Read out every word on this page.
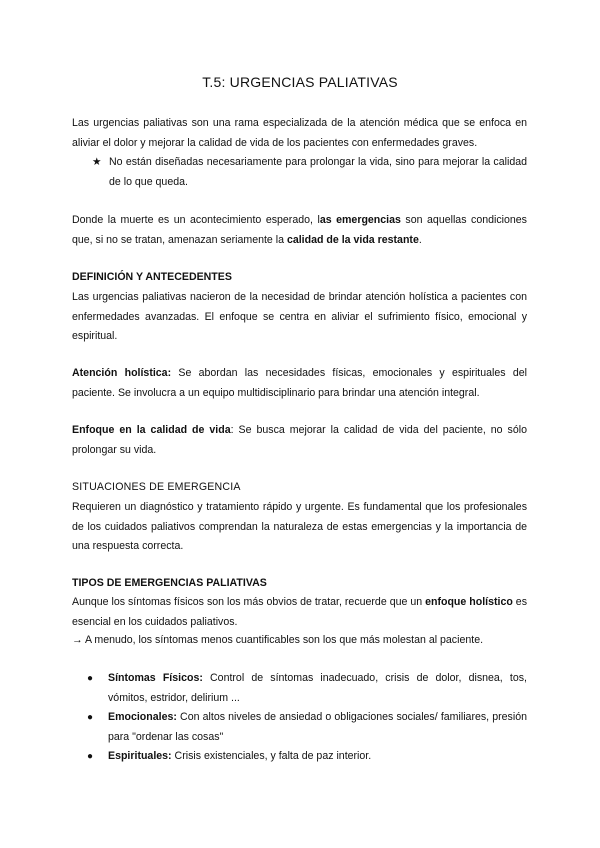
T.5: URGENCIAS PALIATIVAS
Las urgencias paliativas son una rama especializada de la atención médica que se enfoca en aliviar el dolor y mejorar la calidad de vida de los pacientes con enfermedades graves.
★ No están diseñadas necesariamente para prolongar la vida, sino para mejorar la calidad de lo que queda.
Donde la muerte es un acontecimiento esperado, las emergencias son aquellas condiciones que, si no se tratan, amenazan seriamente la calidad de la vida restante.
DEFINICIÓN Y ANTECEDENTES
Las urgencias paliativas nacieron de la necesidad de brindar atención holística a pacientes con enfermedades avanzadas. El enfoque se centra en aliviar el sufrimiento físico, emocional y espiritual.
Atención holística: Se abordan las necesidades físicas, emocionales y espirituales del paciente. Se involucra a un equipo multidisciplinario para brindar una atención integral.
Enfoque en la calidad de vida: Se busca mejorar la calidad de vida del paciente, no sólo prolongar su vida.
SITUACIONES DE EMERGENCIA
Requieren un diagnóstico y tratamiento rápido y urgente. Es fundamental que los profesionales de los cuidados paliativos comprendan la naturaleza de estas emergencias y la importancia de una respuesta correcta.
TIPOS DE EMERGENCIAS PALIATIVAS
Aunque los síntomas físicos son los más obvios de tratar, recuerde que un enfoque holístico es esencial en los cuidados paliativos.
→ A menudo, los síntomas menos cuantificables son los que más molestan al paciente.
● Síntomas Físicos: Control de síntomas inadecuado, crisis de dolor, disnea, tos, vómitos, estridor, delirium ...
● Emocionales: Con altos niveles de ansiedad o obligaciones sociales/ familiares, presión para "ordenar las cosas"
● Espirituales: Crisis existenciales, y falta de paz interior.
